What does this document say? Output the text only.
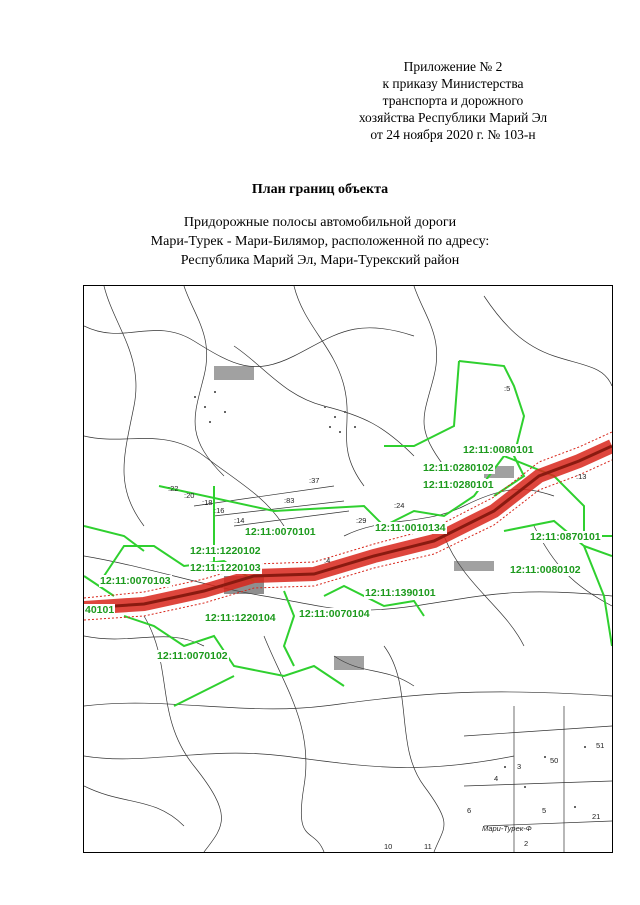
Приложение № 2
к приказу Министерства
транспорта и дорожного
хозяйства Республики Марий Эл
от 24 ноября 2020 г. № 103-н
План границ объекта
Придорожные полосы автомобильной дороги
Мари-Турек - Мари-Билямор, расположенной по адресу:
Республика Марий Эл, Мари-Турекский район
12:11:0080101
12:11:0280102
12:11:0280101
12:11:0070101	12:11:0010134
12:11:0870101
12:11:1220102
12:11:1220103	12:11:0080102
12:11:0070103
12:11:1390101
40101
12:11:1220104 12:11:0070104
12:11:0070102
:22
:20
:18
:16
:14
:83
:24
:29
:4
:37	:13
:5
Мари-Турек-Ф
10	11
50
51
21
3
4
6	5
2
